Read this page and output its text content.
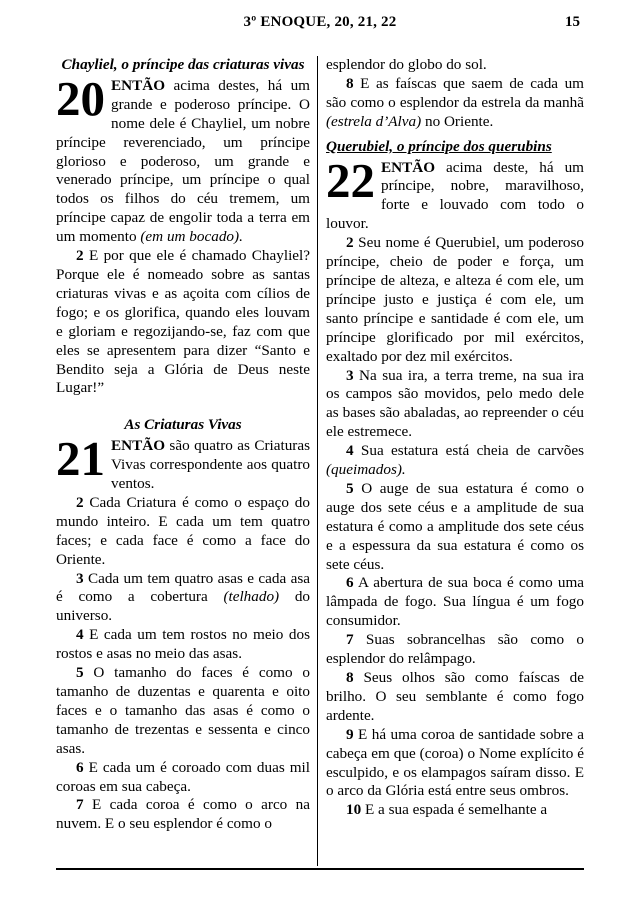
3º ENOQUE, 20, 21, 22	15
Chayliel, o príncipe das criaturas vivas

20 ENTÃO acima destes, há um grande e poderoso príncipe. O nome dele é Chayliel, um nobre príncipe reverenciado, um príncipe glorioso e poderoso, um grande e venerado príncipe, um príncipe o qual todos os filhos do céu tremem, um príncipe capaz de engolir toda a terra em um momento (em um bocado).

2 E por que ele é chamado Chayliel? Porque ele é nomeado sobre as santas criaturas vivas e as açoita com cílios de fogo; e os glorifica, quando eles louvam e gloriam e regozijando-se, faz com que eles se apresentem para dizer “Santo e Bendito seja a Glória de Deus neste Lugar!”

As Criaturas Vivas

21 ENTÃO são quatro as Criaturas Vivas correspondente aos quatro ventos.

2 Cada Criatura é como o espaço do mundo inteiro. E cada um tem quatro faces; e cada face é como a face do Oriente.

3 Cada um tem quatro asas e cada asa é como a cobertura (telhado) do universo.

4 E cada um tem rostos no meio dos rostos e asas no meio das asas.

5 O tamanho do faces é como o tamanho de duzentas e quarenta e oito faces e o tamanho das asas é como o tamanho de trezentas e sessenta e cinco asas.

6 E cada um é coroado com duas mil coroas em sua cabeça.

7 E cada coroa é como o arco na nuvem. E o seu esplendor é como o

esplendor do globo do sol.

8 E as faíscas que saem de cada um são como o esplendor da estrela da manhã (estrela d’Alva) no Oriente.

Querubiel, o príncipe dos querubins

22 ENTÃO acima deste, há um príncipe, nobre, maravilhoso, forte e louvado com todo o louvor.

2 Seu nome é Querubiel, um poderoso príncipe, cheio de poder e força, um príncipe de alteza, e alteza é com ele, um príncipe justo e justiça é com ele, um santo príncipe e santidade é com ele, um príncipe glorificado por mil exércitos, exaltado por dez mil exércitos.

3 Na sua ira, a terra treme, na sua ira os campos são movidos, pelo medo dele as bases são abaladas, ao repreender o céu ele estremece.

4 Sua estatura está cheia de carvões (queimados).

5 O auge de sua estatura é como o auge dos sete céus e a amplitude de sua estatura é como a amplitude dos sete céus e a espessura da sua estatura é como os sete céus.

6 A abertura de sua boca é como uma lâmpada de fogo. Sua língua é um fogo consumidor.

7 Suas sobrancelhas são como o esplendor do relâmpago.

8 Seus olhos são como faíscas de brilho. O seu semblante é como fogo ardente.

9 E há uma coroa de santidade sobre a cabeça em que (coroa) o Nome explícito é esculpido, e os elampagos saíram disso. E o arco da Glória está entre seus ombros.

10 E a sua espada é semelhante a
